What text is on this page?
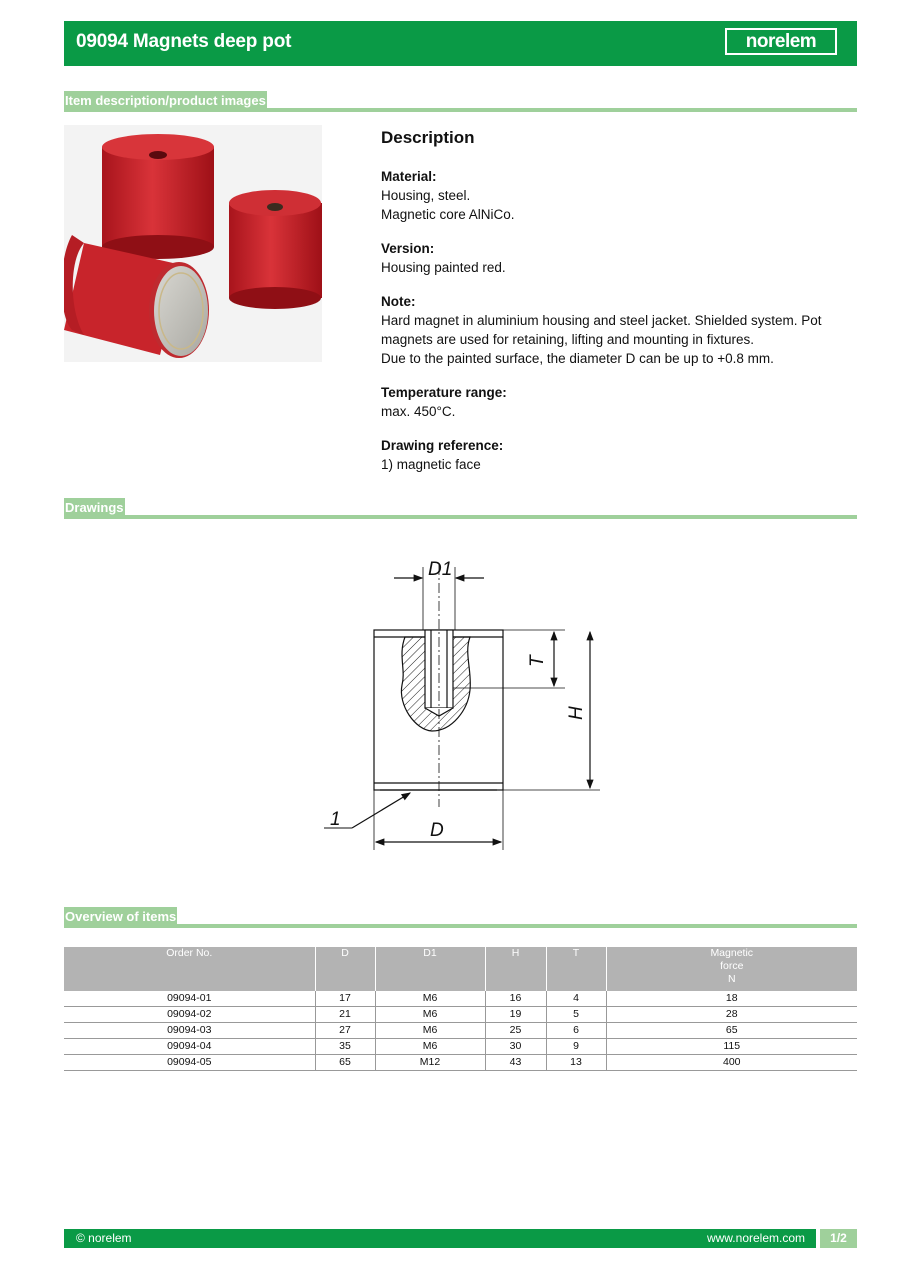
09094 Magnets deep pot	norelem
Item description/product images
Description
Material:
Housing, steel.
Magnetic core AlNiCo.
Version:
Housing painted red.
Note:
Hard magnet in aluminium housing and steel jacket. Shielded system. Pot magnets are used for retaining, lifting and mounting in fixtures.
Due to the painted surface, the diameter D can be up to +0.8 mm.
Temperature range:
max. 450°C.
Drawing reference:
1) magnetic face
Drawings
D1
T
H
D
1
Overview of items
Order No.	D	D1	H	T	Magnetic
force
N
09094-01	17	M6	16	4	18
09094-02	21	M6	19	5	28
09094-03	27	M6	25	6	65
09094-04	35	M6	30	9	115
09094-05	65	M12	43	13	400
© norelem	www.norelem.com	1/2
